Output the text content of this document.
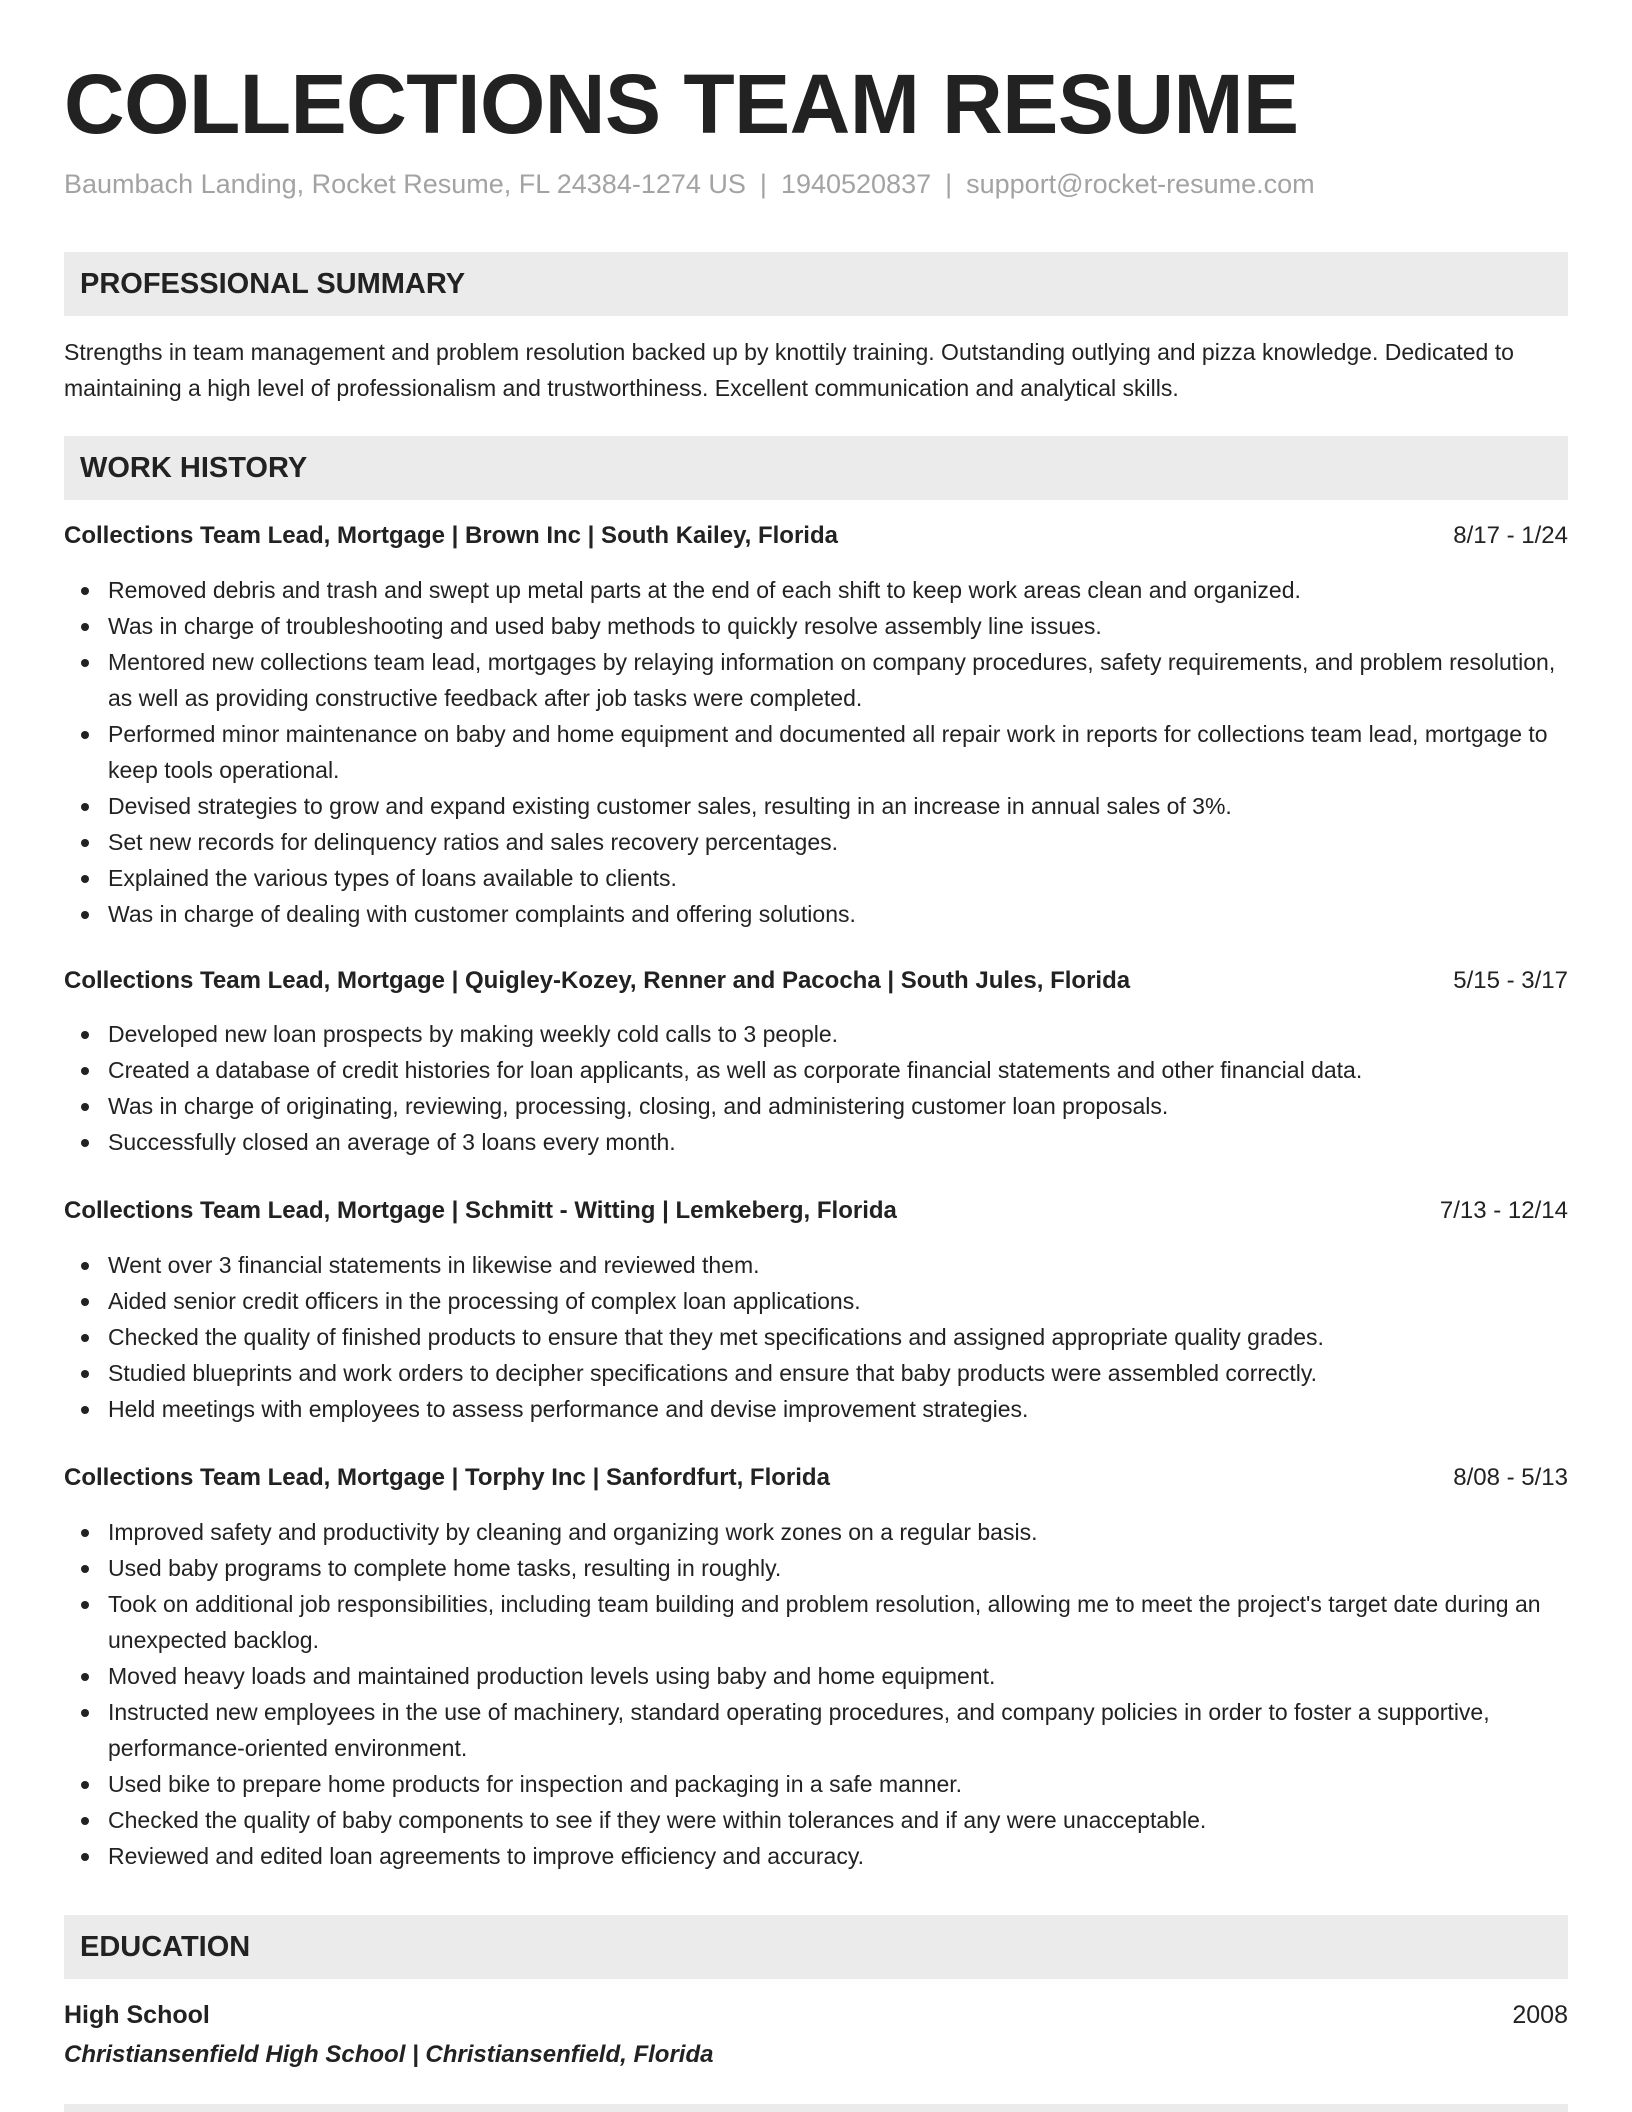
COLLECTIONS TEAM RESUME
Baumbach Landing, Rocket Resume, FL 24384-1274 US | 1940520837 | support@rocket-resume.com
PROFESSIONAL SUMMARY

Strengths in team management and problem resolution backed up by knottily training. Outstanding outlying and pizza knowledge. Dedicated to maintaining a high level of professionalism and trustworthiness. Excellent communication and analytical skills.

WORK HISTORY
Collections Team Lead, Mortgage | Brown Inc | South Kailey, Florida	8/17 - 1/24
Removed debris and trash and swept up metal parts at the end of each shift to keep work areas clean and organized.
Was in charge of troubleshooting and used baby methods to quickly resolve assembly line issues.
Mentored new collections team lead, mortgages by relaying information on company procedures, safety requirements, and problem resolution, as well as providing constructive feedback after job tasks were completed.
Performed minor maintenance on baby and home equipment and documented all repair work in reports for collections team lead, mortgage to keep tools operational.
Devised strategies to grow and expand existing customer sales, resulting in an increase in annual sales of 3%.
Set new records for delinquency ratios and sales recovery percentages.
Explained the various types of loans available to clients.
Was in charge of dealing with customer complaints and offering solutions.
Collections Team Lead, Mortgage | Quigley-Kozey, Renner and Pacocha | South Jules, Florida	5/15 - 3/17
Developed new loan prospects by making weekly cold calls to 3 people.
Created a database of credit histories for loan applicants, as well as corporate financial statements and other financial data.
Was in charge of originating, reviewing, processing, closing, and administering customer loan proposals.
Successfully closed an average of 3 loans every month.
Collections Team Lead, Mortgage | Schmitt - Witting | Lemkeberg, Florida	7/13 - 12/14
Went over 3 financial statements in likewise and reviewed them.
Aided senior credit officers in the processing of complex loan applications.
Checked the quality of finished products to ensure that they met specifications and assigned appropriate quality grades.
Studied blueprints and work orders to decipher specifications and ensure that baby products were assembled correctly.
Held meetings with employees to assess performance and devise improvement strategies.
Collections Team Lead, Mortgage | Torphy Inc | Sanfordfurt, Florida	8/08 - 5/13
Improved safety and productivity by cleaning and organizing work zones on a regular basis.
Used baby programs to complete home tasks, resulting in roughly.
Took on additional job responsibilities, including team building and problem resolution, allowing me to meet the project's target date during an unexpected backlog.
Moved heavy loads and maintained production levels using baby and home equipment.
Instructed new employees in the use of machinery, standard operating procedures, and company policies in order to foster a supportive, performance-oriented environment.
Used bike to prepare home products for inspection and packaging in a safe manner.
Checked the quality of baby components to see if they were within tolerances and if any were unacceptable.
Reviewed and edited loan agreements to improve efficiency and accuracy.
EDUCATION
High School	2008
Christiansenfield High School | Christiansenfield, Florida
